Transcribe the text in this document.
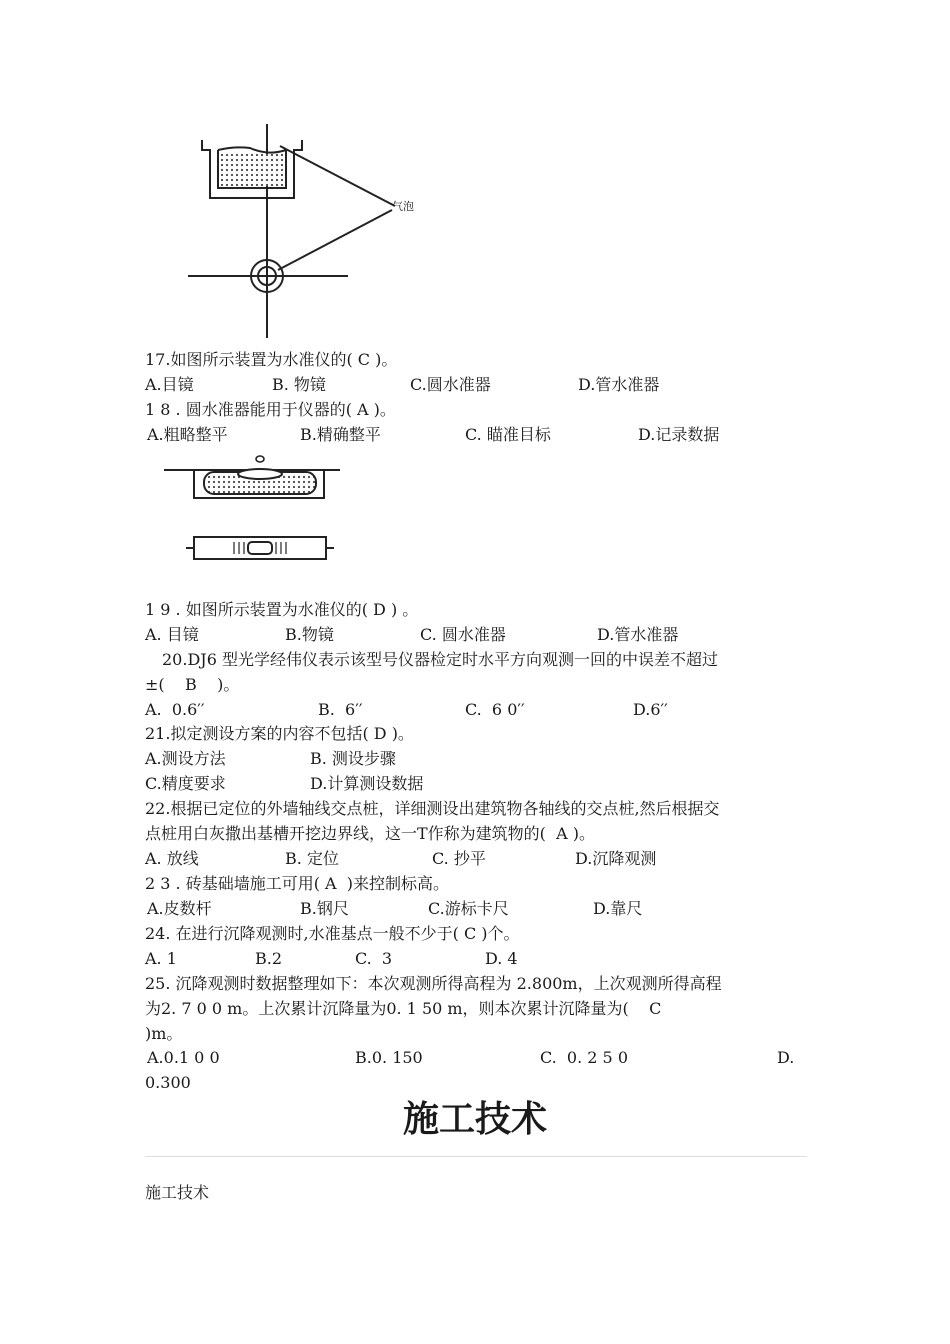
气泡
17.如图所示装置为水准仪的( C )。
A.目镜	B. 物镜	C.圆水准器	D.管水准器
1 8 . 圆水准器能用于仪器的( A )。
A.粗略整平	B.精确整平	C. 瞄准目标	D.记录数据
1 9 . 如图所示装置为水准仪的( D ) 。
A. 目镜	B.物镜	C. 圆水准器	D.管水准器
20.DJ6 型光学经伟仪表示该型号仪器检定时水平方向观测一回的中误差不超过
±(    B    )。
A.  0.6′′	B.  6′′	C.  6 0′′	D.6′′
21.拟定测设方案的内容不包括( D )。
A.测设方法	B. 测设步骤
C.精度要求	D.计算测设数据
22.根据已定位的外墙轴线交点桩，详细测设出建筑物各轴线的交点桩,然后根据交
点桩用白灰撒出基槽开挖边界线，这一T作称为建筑物的(  A )。
A. 放线	B. 定位	C. 抄平	D.沉降观测
2 3 . 砖基础墙施工可用( A  )来控制标高。
A.皮数杆	B.钢尺	C.游标卡尺	D.靠尺
24. 在进行沉降观测时,水准基点一般不少于( C )个。
A. 1	B.2	C.  3	D. 4
25. 沉降观测时数据整理如下：本次观测所得高程为 2.800m，上次观测所得高程
为2. 7 0 0 m。上次累计沉降量为0. 1 50 m，则本次累计沉降量为(    C
)m。
A.0.1 0 0	B.0. 150	C.  0. 2 5 0	D.
0.300
施工技术
施工技术
